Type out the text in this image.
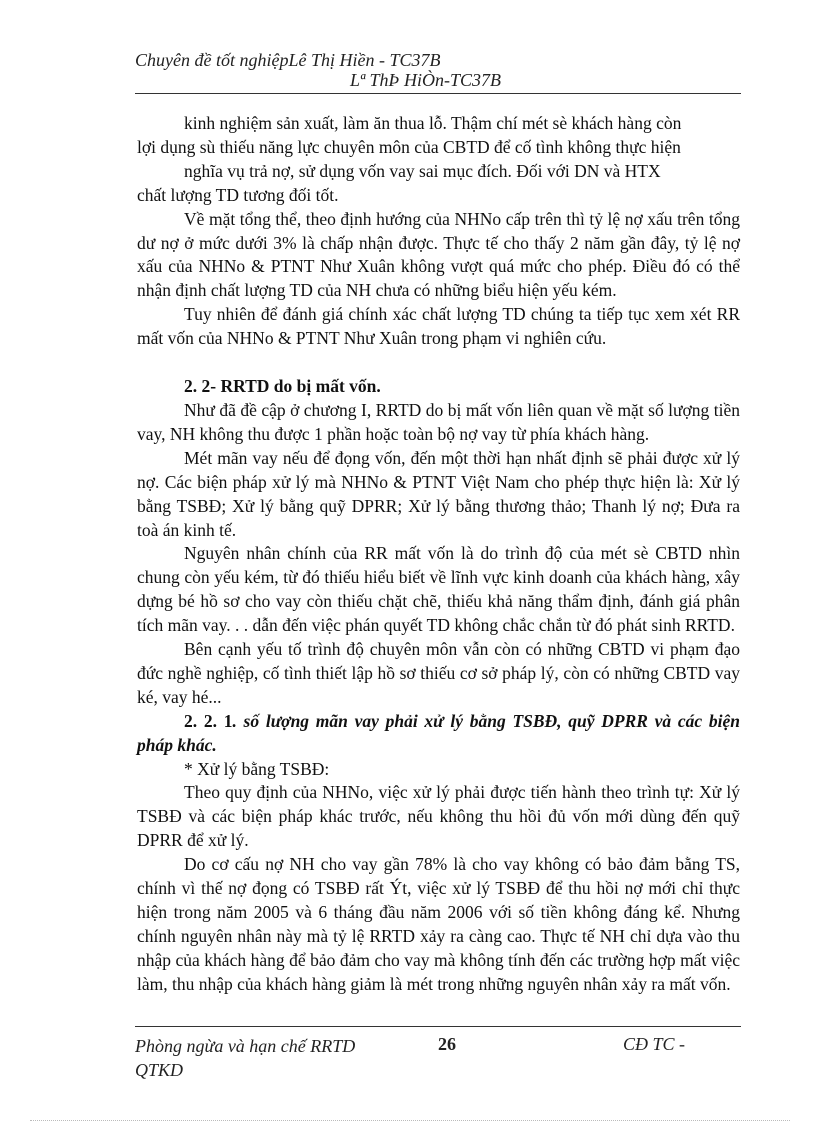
Chuyên đề tốt nghiệpLê Thị Hiền - TC37B
Lª ThÞ HiÒn-TC37B

kinh nghiệm sản xuất, làm ăn thua lỗ. Thậm chí mét sè khách hàng còn

lợi dụng sù thiếu năng lực chuyên môn của CBTD để cố tình không thực hiện

nghĩa vụ trả nợ, sử dụng vốn vay sai mục đích. Đối với DN và HTX

chất lượng TD tương đối tốt.

Về mặt tổng thể, theo định hướng của NHNo cấp trên thì tỷ lệ nợ xấu trên tổng dư nợ ở mức dưới 3% là chấp nhận được. Thực tế cho thấy 2 năm gần đây, tỷ lệ nợ xấu của NHNo & PTNT Như Xuân không vượt quá mức cho phép. Điều đó có thể nhận định chất lượng TD của NH chưa có những biểu hiện yếu kém.

Tuy nhiên để đánh giá chính xác chất lượng TD chúng ta tiếp tục xem xét RR mất vốn của NHNo & PTNT Như Xuân trong phạm vi nghiên cứu.

2. 2- RRTD do bị mất vốn.

Như đã đề cập ở chương I, RRTD do bị mất vốn liên quan về mặt số lượng tiền vay, NH không thu được 1 phần hoặc toàn bộ nợ vay từ phía khách hàng.

Mét mãn vay nếu để đọng vốn, đến một thời hạn nhất định sẽ phải được xử lý nợ. Các biện pháp xử lý mà NHNo & PTNT Việt Nam cho phép thực hiện là: Xử lý bằng TSBĐ; Xử lý bằng quỹ DPRR; Xử lý bằng thương thảo; Thanh lý nợ; Đưa ra toà án kinh tế.

Nguyên nhân chính của RR mất vốn là do trình độ của mét sè CBTD nhìn chung còn yếu kém, từ đó thiếu hiểu biết về lĩnh vực kinh doanh của khách hàng, xây dựng bé hồ sơ cho vay còn thiếu chặt chẽ, thiếu khả năng thẩm định, đánh giá phân tích mãn vay. . . dẫn đến việc phán quyết TD không chắc chắn từ đó phát sinh RRTD.

Bên cạnh yếu tố trình độ chuyên môn vẫn còn có những CBTD vi phạm đạo đức nghề nghiệp, cố tình thiết lập hồ sơ thiếu cơ sở pháp lý, còn có những CBTD vay ké, vay hé...

2. 2. 1. số lượng mãn vay phải xử lý bằng TSBĐ, quỹ DPRR và các biện pháp khác.

* Xử lý bằng TSBĐ:

Theo quy định của NHNo, việc xử lý phải được tiến hành theo trình tự: Xử lý TSBĐ và các biện pháp khác trước, nếu không thu hồi đủ vốn mới dùng đến quỹ DPRR để xử lý.

Do cơ cấu nợ NH cho vay gần 78% là cho vay không có bảo đảm bằng TS, chính vì thế nợ đọng có TSBĐ rất Ýt, việc xử lý TSBĐ để thu hồi nợ mới chỉ thực hiện trong năm 2005 và 6 tháng đầu năm 2006 với số tiền không đáng kể. Nhưng chính nguyên nhân này mà tỷ lệ RRTD xảy ra càng cao. Thực tế NH chỉ dựa vào thu nhập của khách hàng để bảo đảm cho vay mà không tính đến các trường hợp mất việc làm, thu nhập của khách hàng giảm là mét trong những nguyên nhân xảy ra mất vốn.

Phòng ngừa và hạn chế RRTD
QTKD
26	CĐ TC -
